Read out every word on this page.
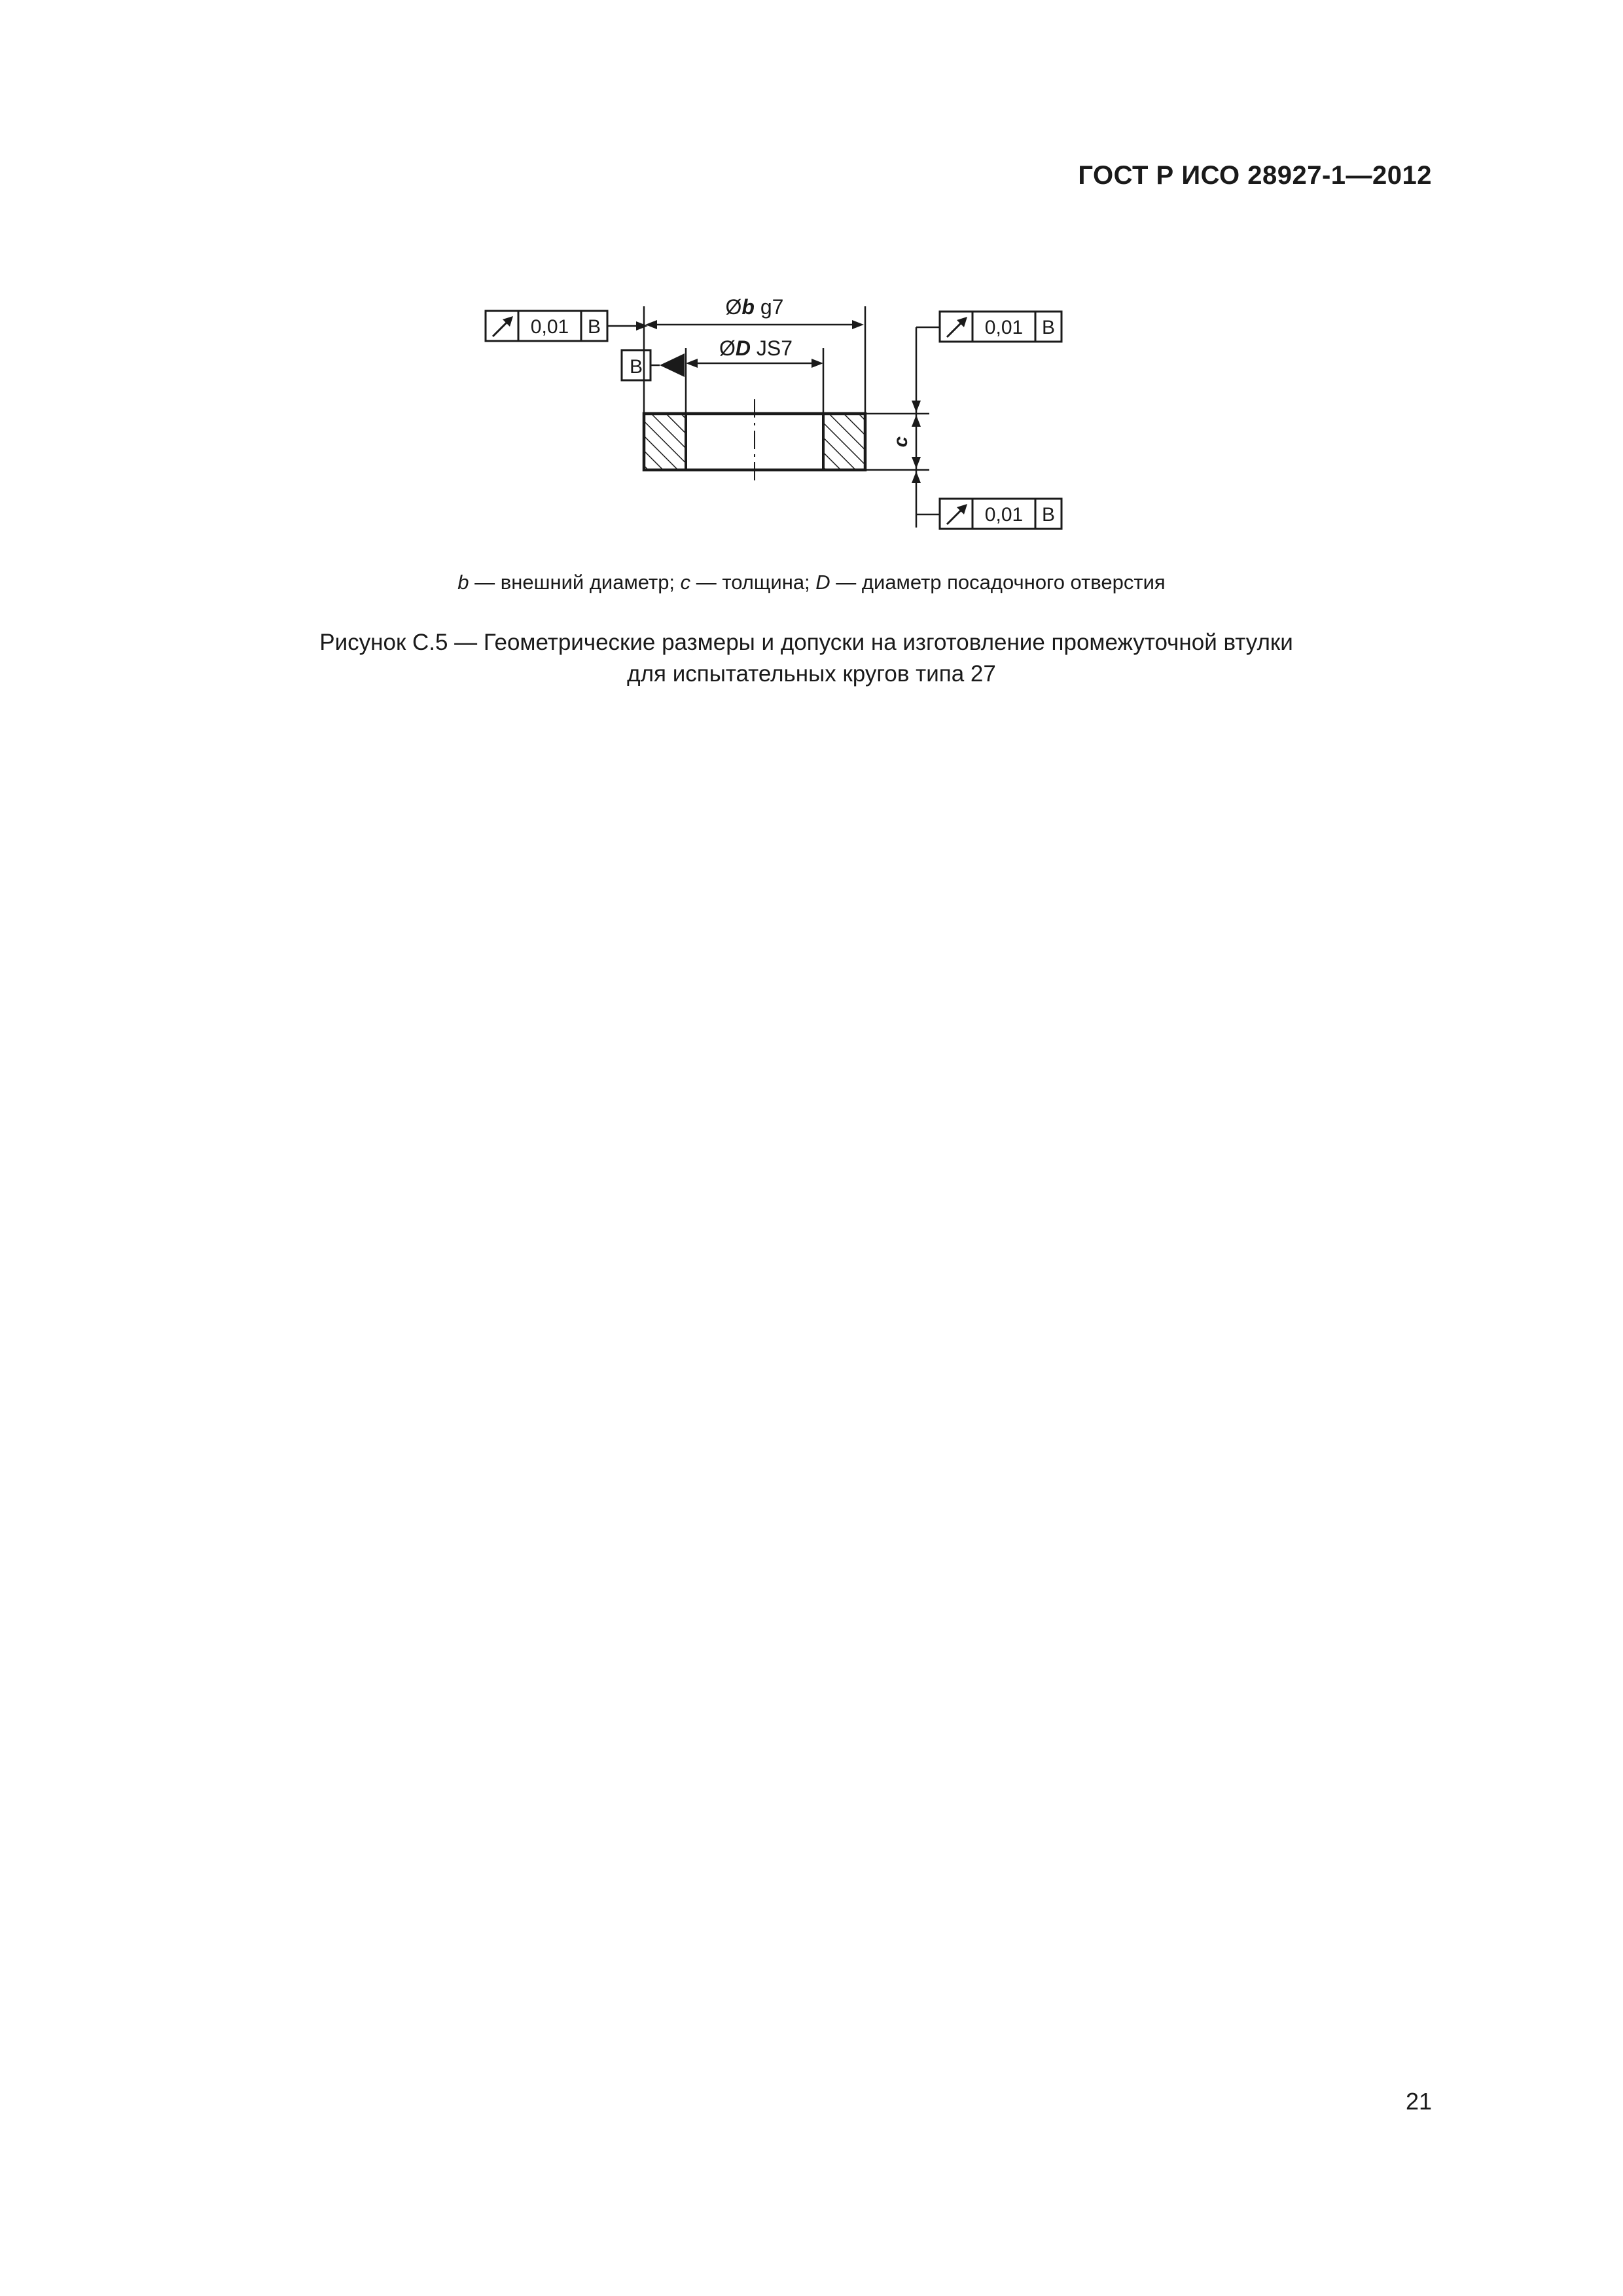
ГОСТ Р ИСО 28927-1—2012
0,01 B
B
Øb g7
ØD JS7
c
0,01 B
0,01 B
b — внешний диаметр; c — толщина; D — диаметр посадочного отверстия
Рисунок С.5 — Геометрические размеры и допуски на изготовление промежуточной втулки
для испытательных кругов типа 27
21
